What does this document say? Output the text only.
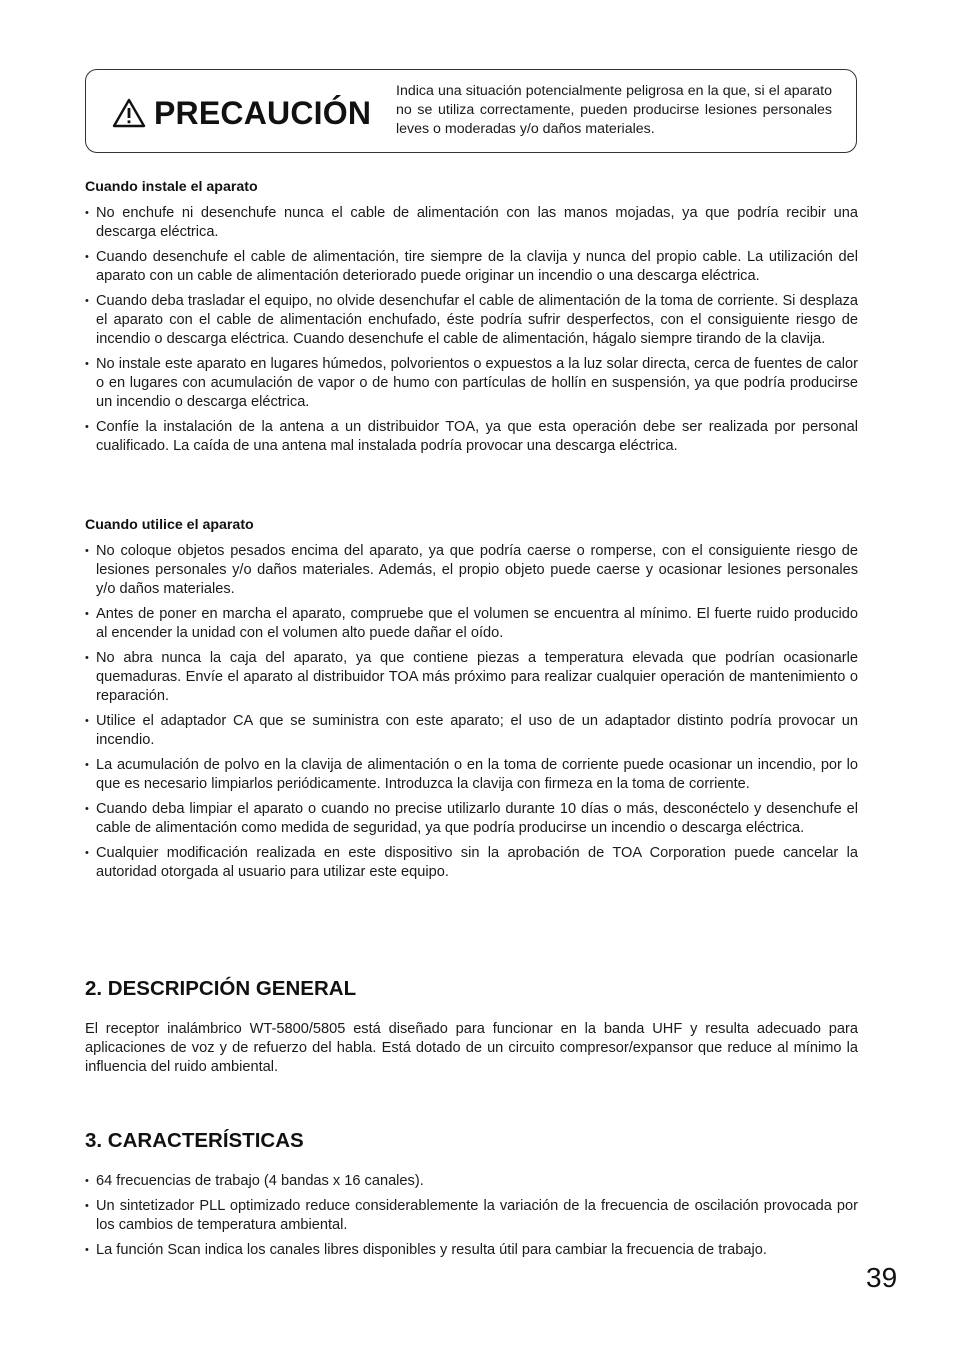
PRECAUCIÓN
Indica una situación potencialmente peligrosa en la que, si el aparato no se utiliza correctamente, pueden producirse lesiones personales leves o moderadas y/o daños materiales.
Cuando instale el aparato
• No enchufe ni desenchufe nunca el cable de alimentación con las manos mojadas, ya que podría recibir una descarga eléctrica.
• Cuando desenchufe el cable de alimentación, tire siempre de la clavija y nunca del propio cable. La utilización del aparato con un cable de alimentación deteriorado puede originar un incendio o una descarga eléctrica.
• Cuando deba trasladar el equipo, no olvide desenchufar el cable de alimentación de la toma de corriente. Si desplaza el aparato con el cable de alimentación enchufado, éste podría sufrir desperfectos, con el consiguiente riesgo de incendio o descarga eléctrica. Cuando desenchufe el cable de alimentación, hágalo siempre tirando de la clavija.
• No instale este aparato en lugares húmedos, polvorientos o expuestos a la luz solar directa, cerca de fuentes de calor o en lugares con acumulación de vapor o de humo con partículas de hollín en suspensión, ya que podría producirse un incendio o descarga eléctrica.
• Confíe la instalación de la antena a un distribuidor TOA, ya que esta operación debe ser realizada por personal cualificado. La caída de una antena mal instalada podría provocar una descarga eléctrica.
Cuando utilice el aparato
• No coloque objetos pesados encima del aparato, ya que podría caerse o romperse, con el consiguiente riesgo de lesiones personales y/o daños materiales. Además, el propio objeto puede caerse y ocasionar lesiones personales y/o daños materiales.
• Antes de poner en marcha el aparato, compruebe que el volumen se encuentra al mínimo. El fuerte ruido producido al encender la unidad con el volumen alto puede dañar el oído.
• No abra nunca la caja del aparato, ya que contiene piezas a temperatura elevada que podrían ocasionarle quemaduras. Envíe el aparato al distribuidor TOA más próximo para realizar cualquier operación de mantenimiento o reparación.
• Utilice el adaptador CA que se suministra con este aparato; el uso de un adaptador distinto podría provocar un incendio.
• La acumulación de polvo en la clavija de alimentación o en la toma de corriente puede ocasionar un incendio, por lo que es necesario limpiarlos periódicamente. Introduzca la clavija con firmeza en la toma de corriente.
• Cuando deba limpiar el aparato o cuando no precise utilizarlo durante 10 días o más, desconéctelo y desenchufe el cable de alimentación como medida de seguridad, ya que podría producirse un incendio o descarga eléctrica.
• Cualquier modificación realizada en este dispositivo sin la aprobación de TOA Corporation puede cancelar la autoridad otorgada al usuario para utilizar este equipo.
2. DESCRIPCIÓN GENERAL
El receptor inalámbrico WT-5800/5805 está diseñado para funcionar en la banda UHF y resulta adecuado para aplicaciones de voz y de refuerzo del habla. Está dotado de un circuito compresor/expansor que reduce al mínimo la influencia del ruido ambiental.
3. CARACTERÍSTICAS
• 64 frecuencias de trabajo (4 bandas x 16 canales).
• Un sintetizador PLL optimizado reduce considerablemente la variación de la frecuencia de oscilación provocada por los cambios de temperatura ambiental.
• La función Scan indica los canales libres disponibles y resulta útil para cambiar la frecuencia de trabajo.
39
